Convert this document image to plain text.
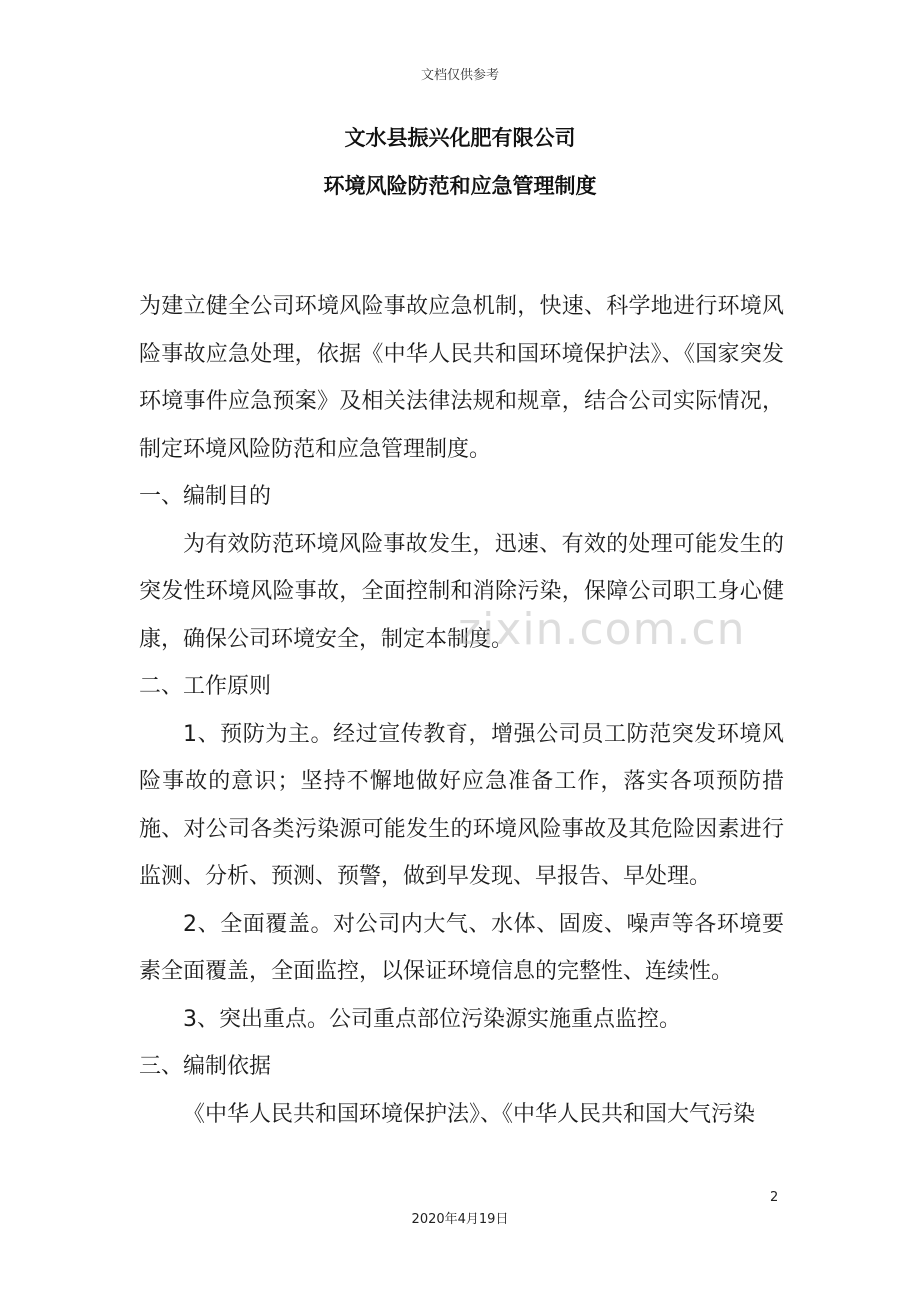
文档仅供参考
文水县振兴化肥有限公司
环境风险防范和应急管理制度

为建立健全公司环境风险事故应急机制，快速、科学地进行环境风险事故应急处理，依据《中华人民共和国环境保护法》、《国家突发环境事件应急预案》及相关法律法规和规章，结合公司实际情况，制定环境风险防范和应急管理制度。

一、编制目的

为有效防范环境风险事故发生，迅速、有效的处理可能发生的突发性环境风险事故，全面控制和消除污染，保障公司职工身心健康，确保公司环境安全，制定本制度。

二、工作原则

1、预防为主。经过宣传教育，增强公司员工防范突发环境风险事故的意识；坚持不懈地做好应急准备工作，落实各项预防措施、对公司各类污染源可能发生的环境风险事故及其危险因素进行监测、分析、预测、预警，做到早发现、早报告、早处理。

2、全面覆盖。对公司内大气、水体、固废、噪声等各环境要素全面覆盖，全面监控，以保证环境信息的完整性、连续性。

3、突出重点。公司重点部位污染源实施重点监控。

三、编制依据

《中华人民共和国环境保护法》、《中华人民共和国大气污染

zixin.com.cn
2
2020年4月19日
